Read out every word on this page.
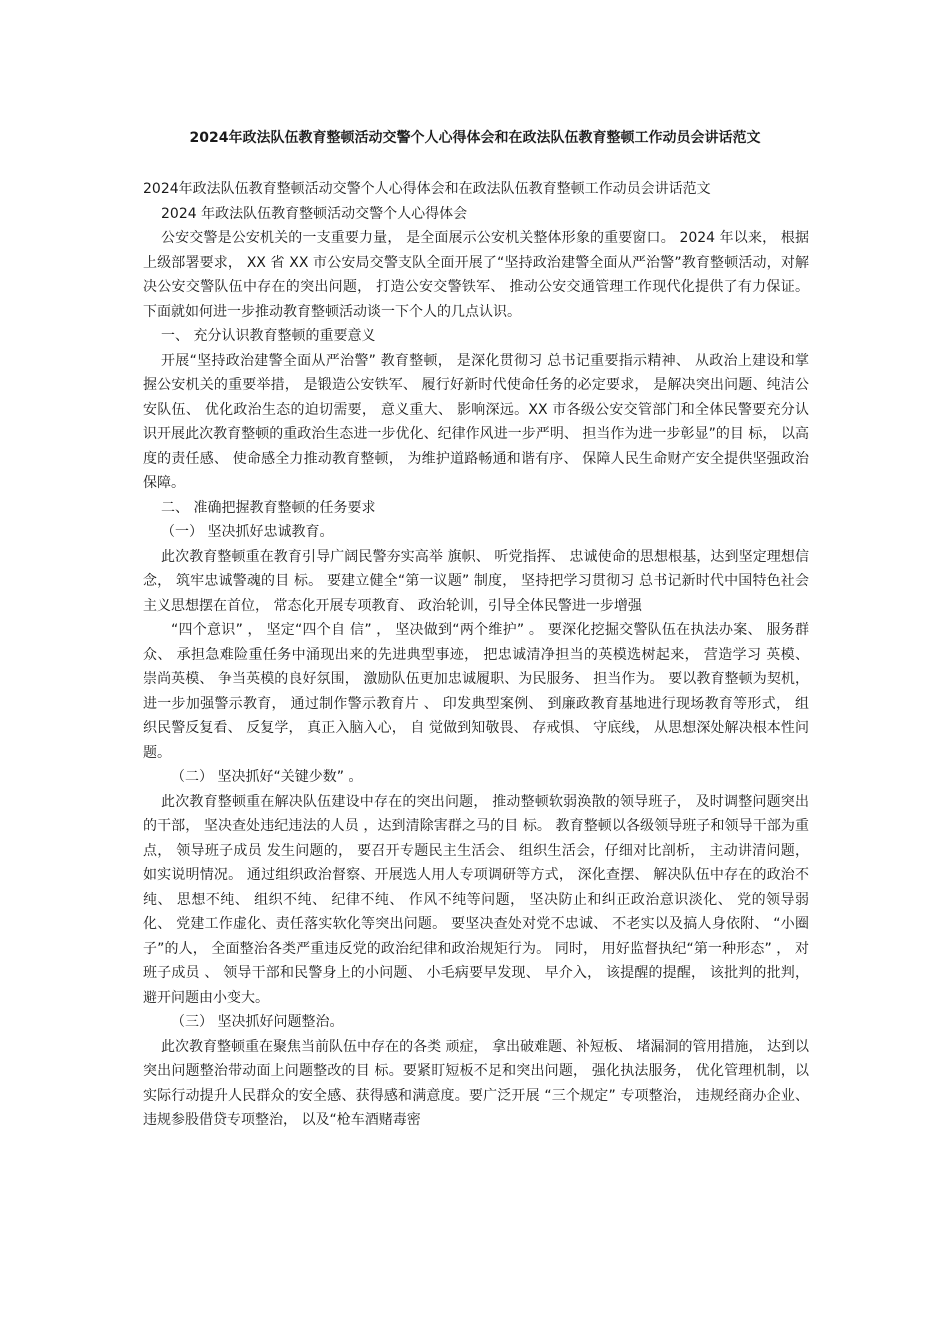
2024年政法队伍教育整顿活动交警个人心得体会和在政法队伍教育整顿工作动员会讲话范文

2024年政法队伍教育整顿活动交警个人心得体会和在政法队伍教育整顿工作动员会讲话范文

2024 年政法队伍教育整顿活动交警个人心得体会

公安交警是公安机关的一支重要力量， 是全面展示公安机关整体形象的重要窗口。 2024 年以来， 根据上级部署要求， XX 省 XX 市公安局交警支队全面开展了“坚持政治建警全面从严治警”教育整顿活动，对解决公安交警队伍中存在的突出问题， 打造公安交警铁军、 推动公安交通管理工作现代化提供了有力保证。 下面就如何进一步推动教育整顿活动谈一下个人的几点认识。

一、 充分认识教育整顿的重要意义

开展“坚持政治建警全面从严治警” 教育整顿， 是深化贯彻习 总书记重要指示精神、 从政治上建设和掌握公安机关的重要举措， 是锻造公安铁军、 履行好新时代使命任务的必定要求， 是解决突出问题、纯洁公安队伍、 优化政治生态的迫切需要， 意义重大、 影响深远。XX 市各级公安交管部门和全体民警要充分认识开展此次教育整顿的重政治生态进一步优化、纪律作风进一步严明、 担当作为进一步彰显”的目 标， 以高度的责任感、 使命感全力推动教育整顿， 为维护道路畅通和谐有序、 保障人民生命财产安全提供坚强政治保障。

二、 准确把握教育整顿的任务要求

（一） 坚决抓好忠诚教育。

此次教育整顿重在教育引导广阔民警夯实高举 旗帜、 听党指挥、 忠诚使命的思想根基，达到坚定理想信念， 筑牢忠诚警魂的目 标。 要建立健全“第一议题” 制度， 坚持把学习贯彻习 总书记新时代中国特色社会主义思想摆在首位， 常态化开展专项教育、 政治轮训，引导全体民警进一步增强

“四个意识” ， 坚定“四个自 信” ， 坚决做到“两个维护” 。 要深化挖掘交警队伍在执法办案、 服务群众、 承担急难险重任务中涌现出来的先进典型事迹， 把忠诚清净担当的英模选树起来， 营造学习 英模、 崇尚英模、 争当英模的良好氛围， 激励队伍更加忠诚履职、为民服务、 担当作为。 要以教育整顿为契机， 进一步加强警示教育， 通过制作警示教育片 、 印发典型案例、 到廉政教育基地进行现场教育等形式， 组织民警反复看、 反复学， 真正入脑入心， 自 觉做到知敬畏、 存戒惧、 守底线， 从思想深处解决根本性问题。

（二） 坚决抓好“关键少数” 。

此次教育整顿重在解决队伍建设中存在的突出问题， 推动整顿软弱涣散的领导班子， 及时调整问题突出的干部， 坚决查处违纪违法的人员 ，达到清除害群之马的目 标。 教育整顿以各级领导班子和领导干部为重点， 领导班子成员 发生问题的， 要召开专题民主生活会、 组织生活会，仔细对比剖析， 主动讲清问题， 如实说明情况。 通过组织政治督察、开展选人用人专项调研等方式， 深化查摆、 解决队伍中存在的政治不纯、 思想不纯、 组织不纯、 纪律不纯、 作风不纯等问题， 坚决防止和纠正政治意识淡化、 党的领导弱化、 党建工作虚化、责任落实软化等突出问题。 要坚决查处对党不忠诚、 不老实以及搞人身依附、 “小圈子”的人， 全面整治各类严重违反党的政治纪律和政治规矩行为。 同时， 用好监督执纪“第一种形态” ， 对班子成员 、 领导干部和民警身上的小问题、 小毛病要早发现、 早介入， 该提醒的提醒， 该批判的批判， 避开问题由小变大。

（三） 坚决抓好问题整治。

此次教育整顿重在聚焦当前队伍中存在的各类 顽症， 拿出破难题、补短板、 堵漏洞的管用措施， 达到以突出问题整治带动面上问题整改的目 标。要紧盯短板不足和突出问题， 强化执法服务， 优化管理机制，以实际行动提升人民群众的安全感、获得感和满意度。要广泛开展 “三个规定” 专项整治， 违规经商办企业、 违规参股借贷专项整治， 以及“枪车酒赌毒密
